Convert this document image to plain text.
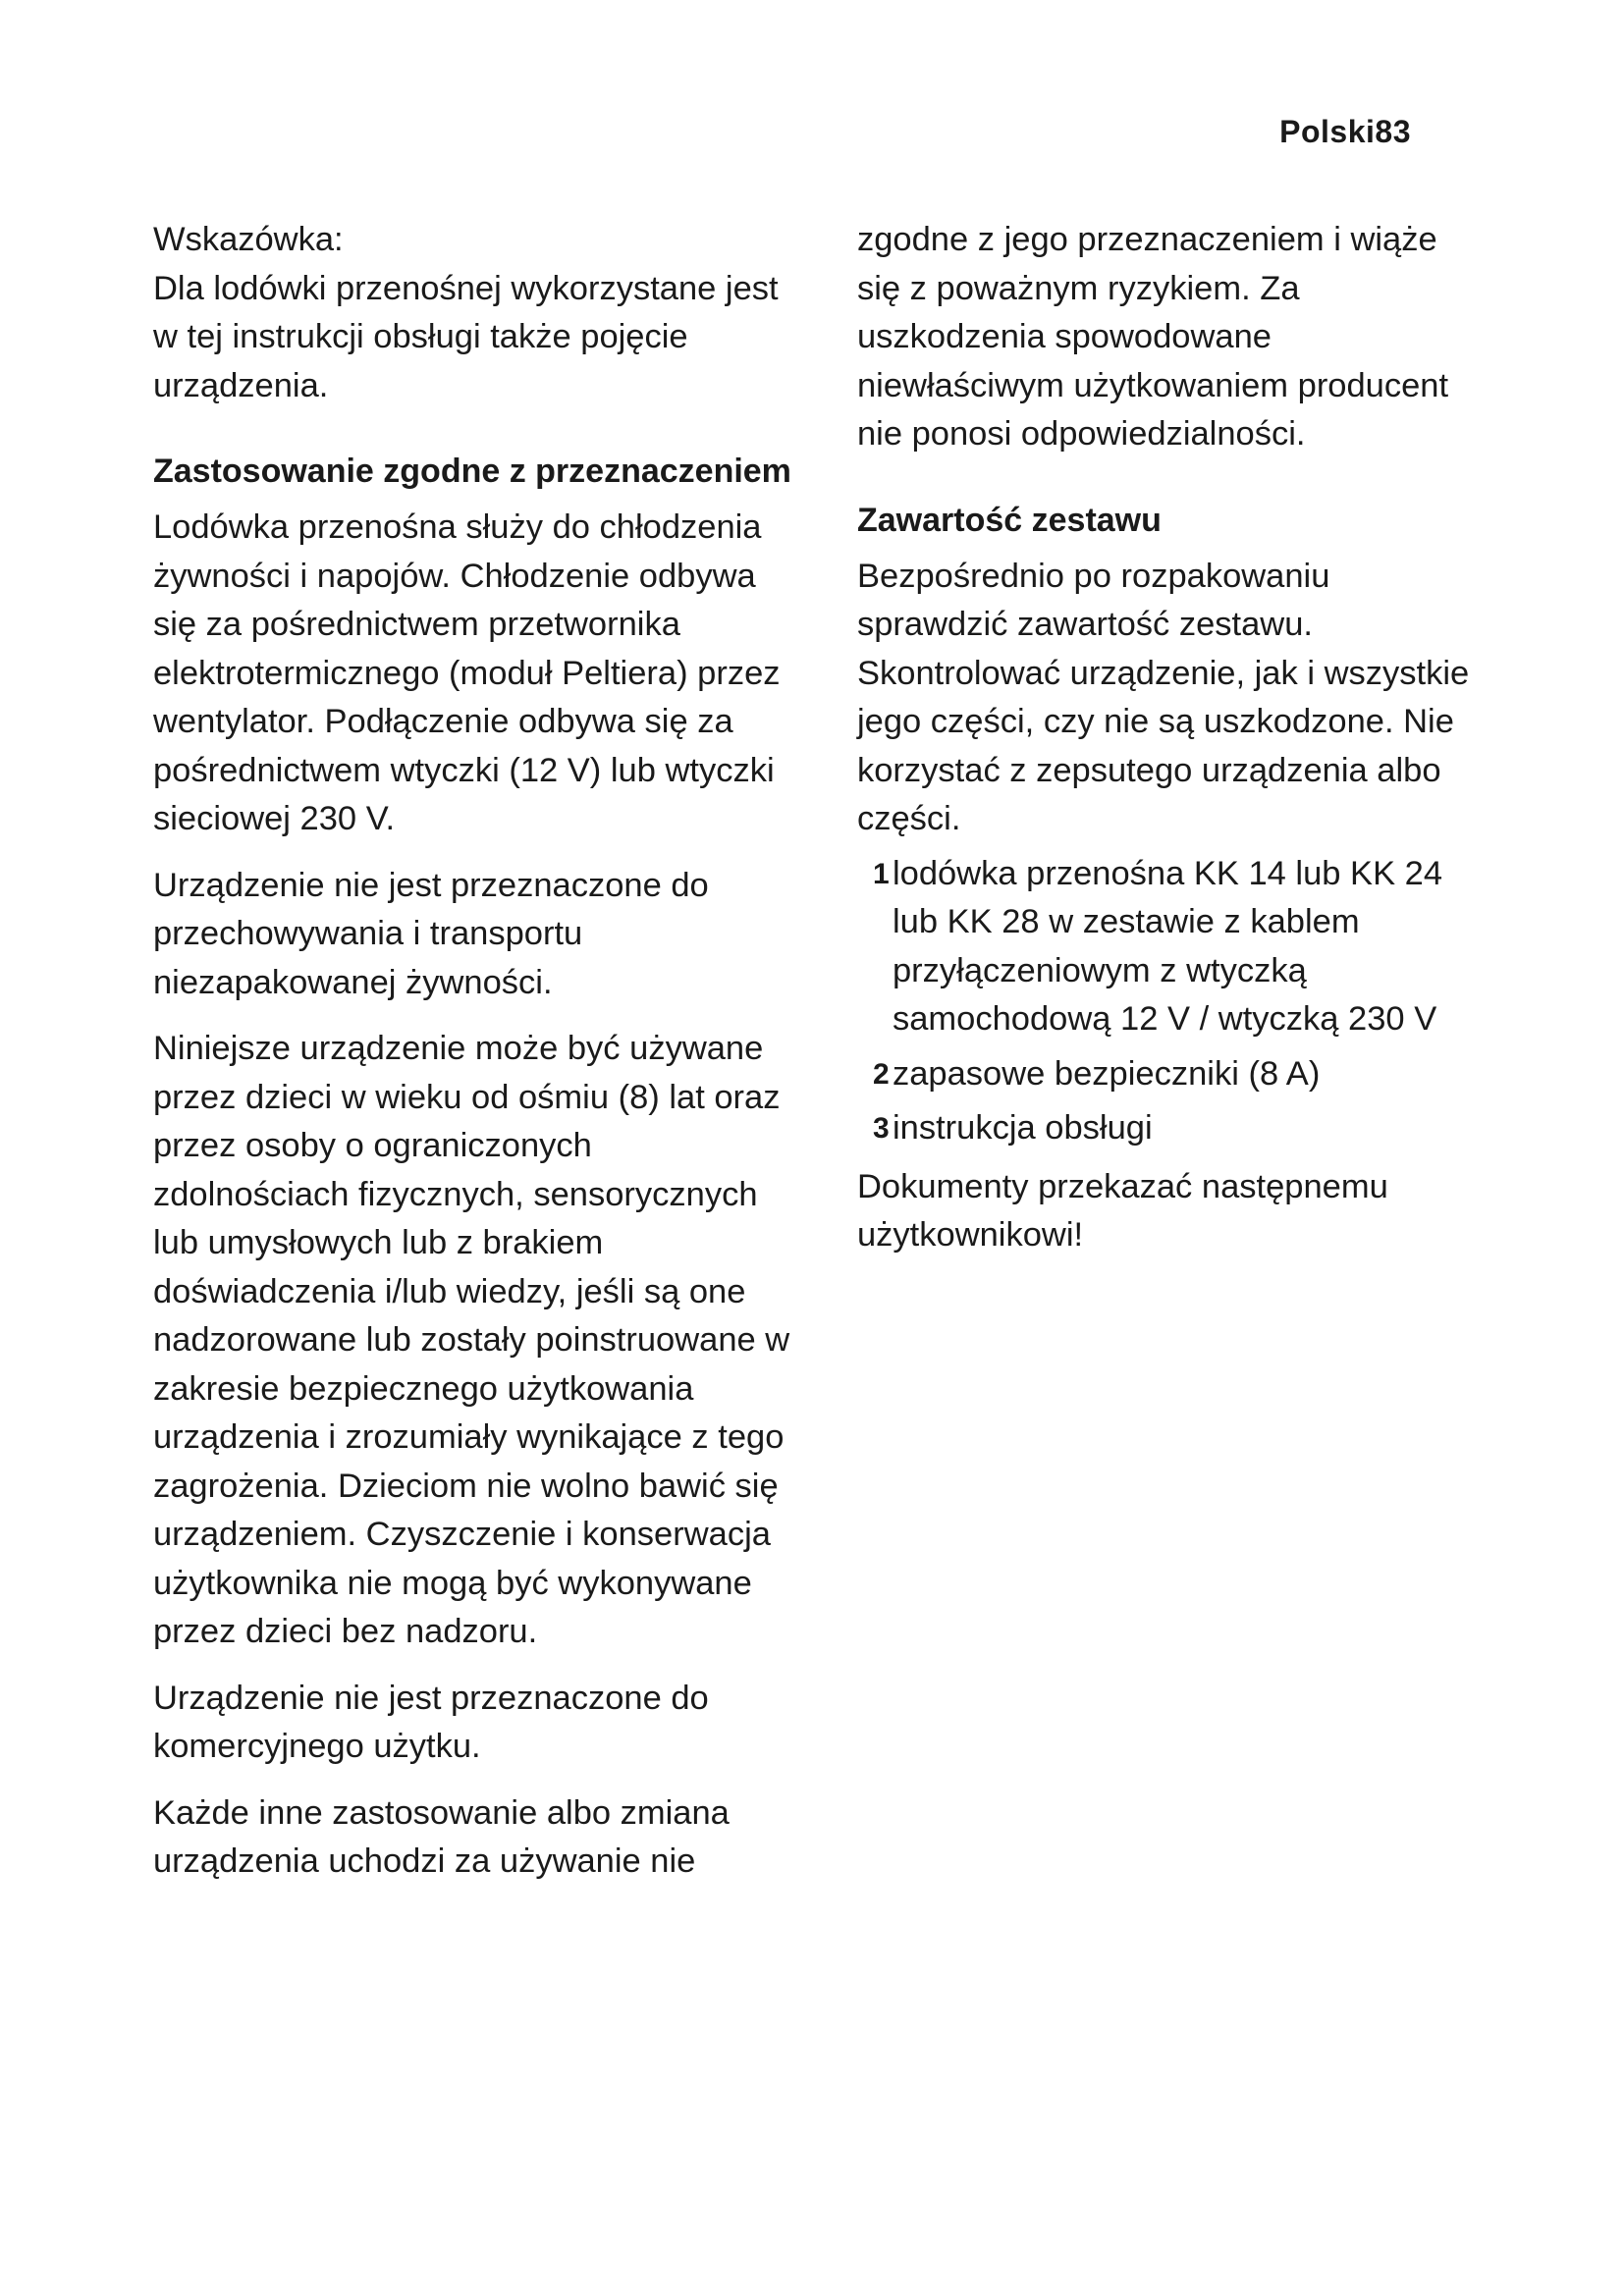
Polski83

Wskazówka:

Dla lodówki przenośnej wykorzystane jest w tej instrukcji obsługi także pojęcie urządzenia.

Zastosowanie zgodne z przeznaczeniem

Lodówka przenośna służy do chłodzenia żywności i napojów. Chłodzenie odbywa się za pośrednictwem przetwornika elektrotermicznego (moduł Peltiera) przez wentylator. Podłączenie odbywa się za pośrednictwem wtyczki (12 V) lub wtyczki sieciowej 230 V.

Urządzenie nie jest przeznaczone do przechowywania i transportu niezapakowanej żywności.

Niniejsze urządzenie może być używane przez dzieci w wieku od ośmiu (8) lat oraz przez osoby o ograniczonych zdolnościach fizycznych, sensorycznych lub umysłowych lub z brakiem doświadczenia i/lub wiedzy, jeśli są one nadzorowane lub zostały poinstruowane w zakresie bezpiecznego użytkowania urządzenia i zrozumiały wynikające z tego zagrożenia. Dzieciom nie wolno bawić się urządzeniem. Czyszczenie i konserwacja użytkownika nie mogą być wykonywane przez dzieci bez nadzoru.

Urządzenie nie jest przeznaczone do komercyjnego użytku.

Każde inne zastosowanie albo zmiana urządzenia uchodzi za używanie nie

zgodne z jego przeznaczeniem i wiąże się z poważnym ryzykiem. Za uszkodzenia spowodowane niewłaściwym użytkowaniem producent nie ponosi odpowiedzialności.

Zawartość zestawu

Bezpośrednio po rozpakowaniu sprawdzić zawartość zestawu. Skontrolować urządzenie, jak i wszystkie jego części, czy nie są uszkodzone. Nie korzystać z zepsutego urządzenia albo części.

1 lodówka przenośna KK 14 lub KK 24 lub KK 28 w zestawie z kablem przyłączeniowym z wtyczką samochodową 12 V / wtyczką 230 V
2 zapasowe bezpieczniki (8 A)
3 instrukcja obsługi

Dokumenty przekazać następnemu użytkownikowi!
